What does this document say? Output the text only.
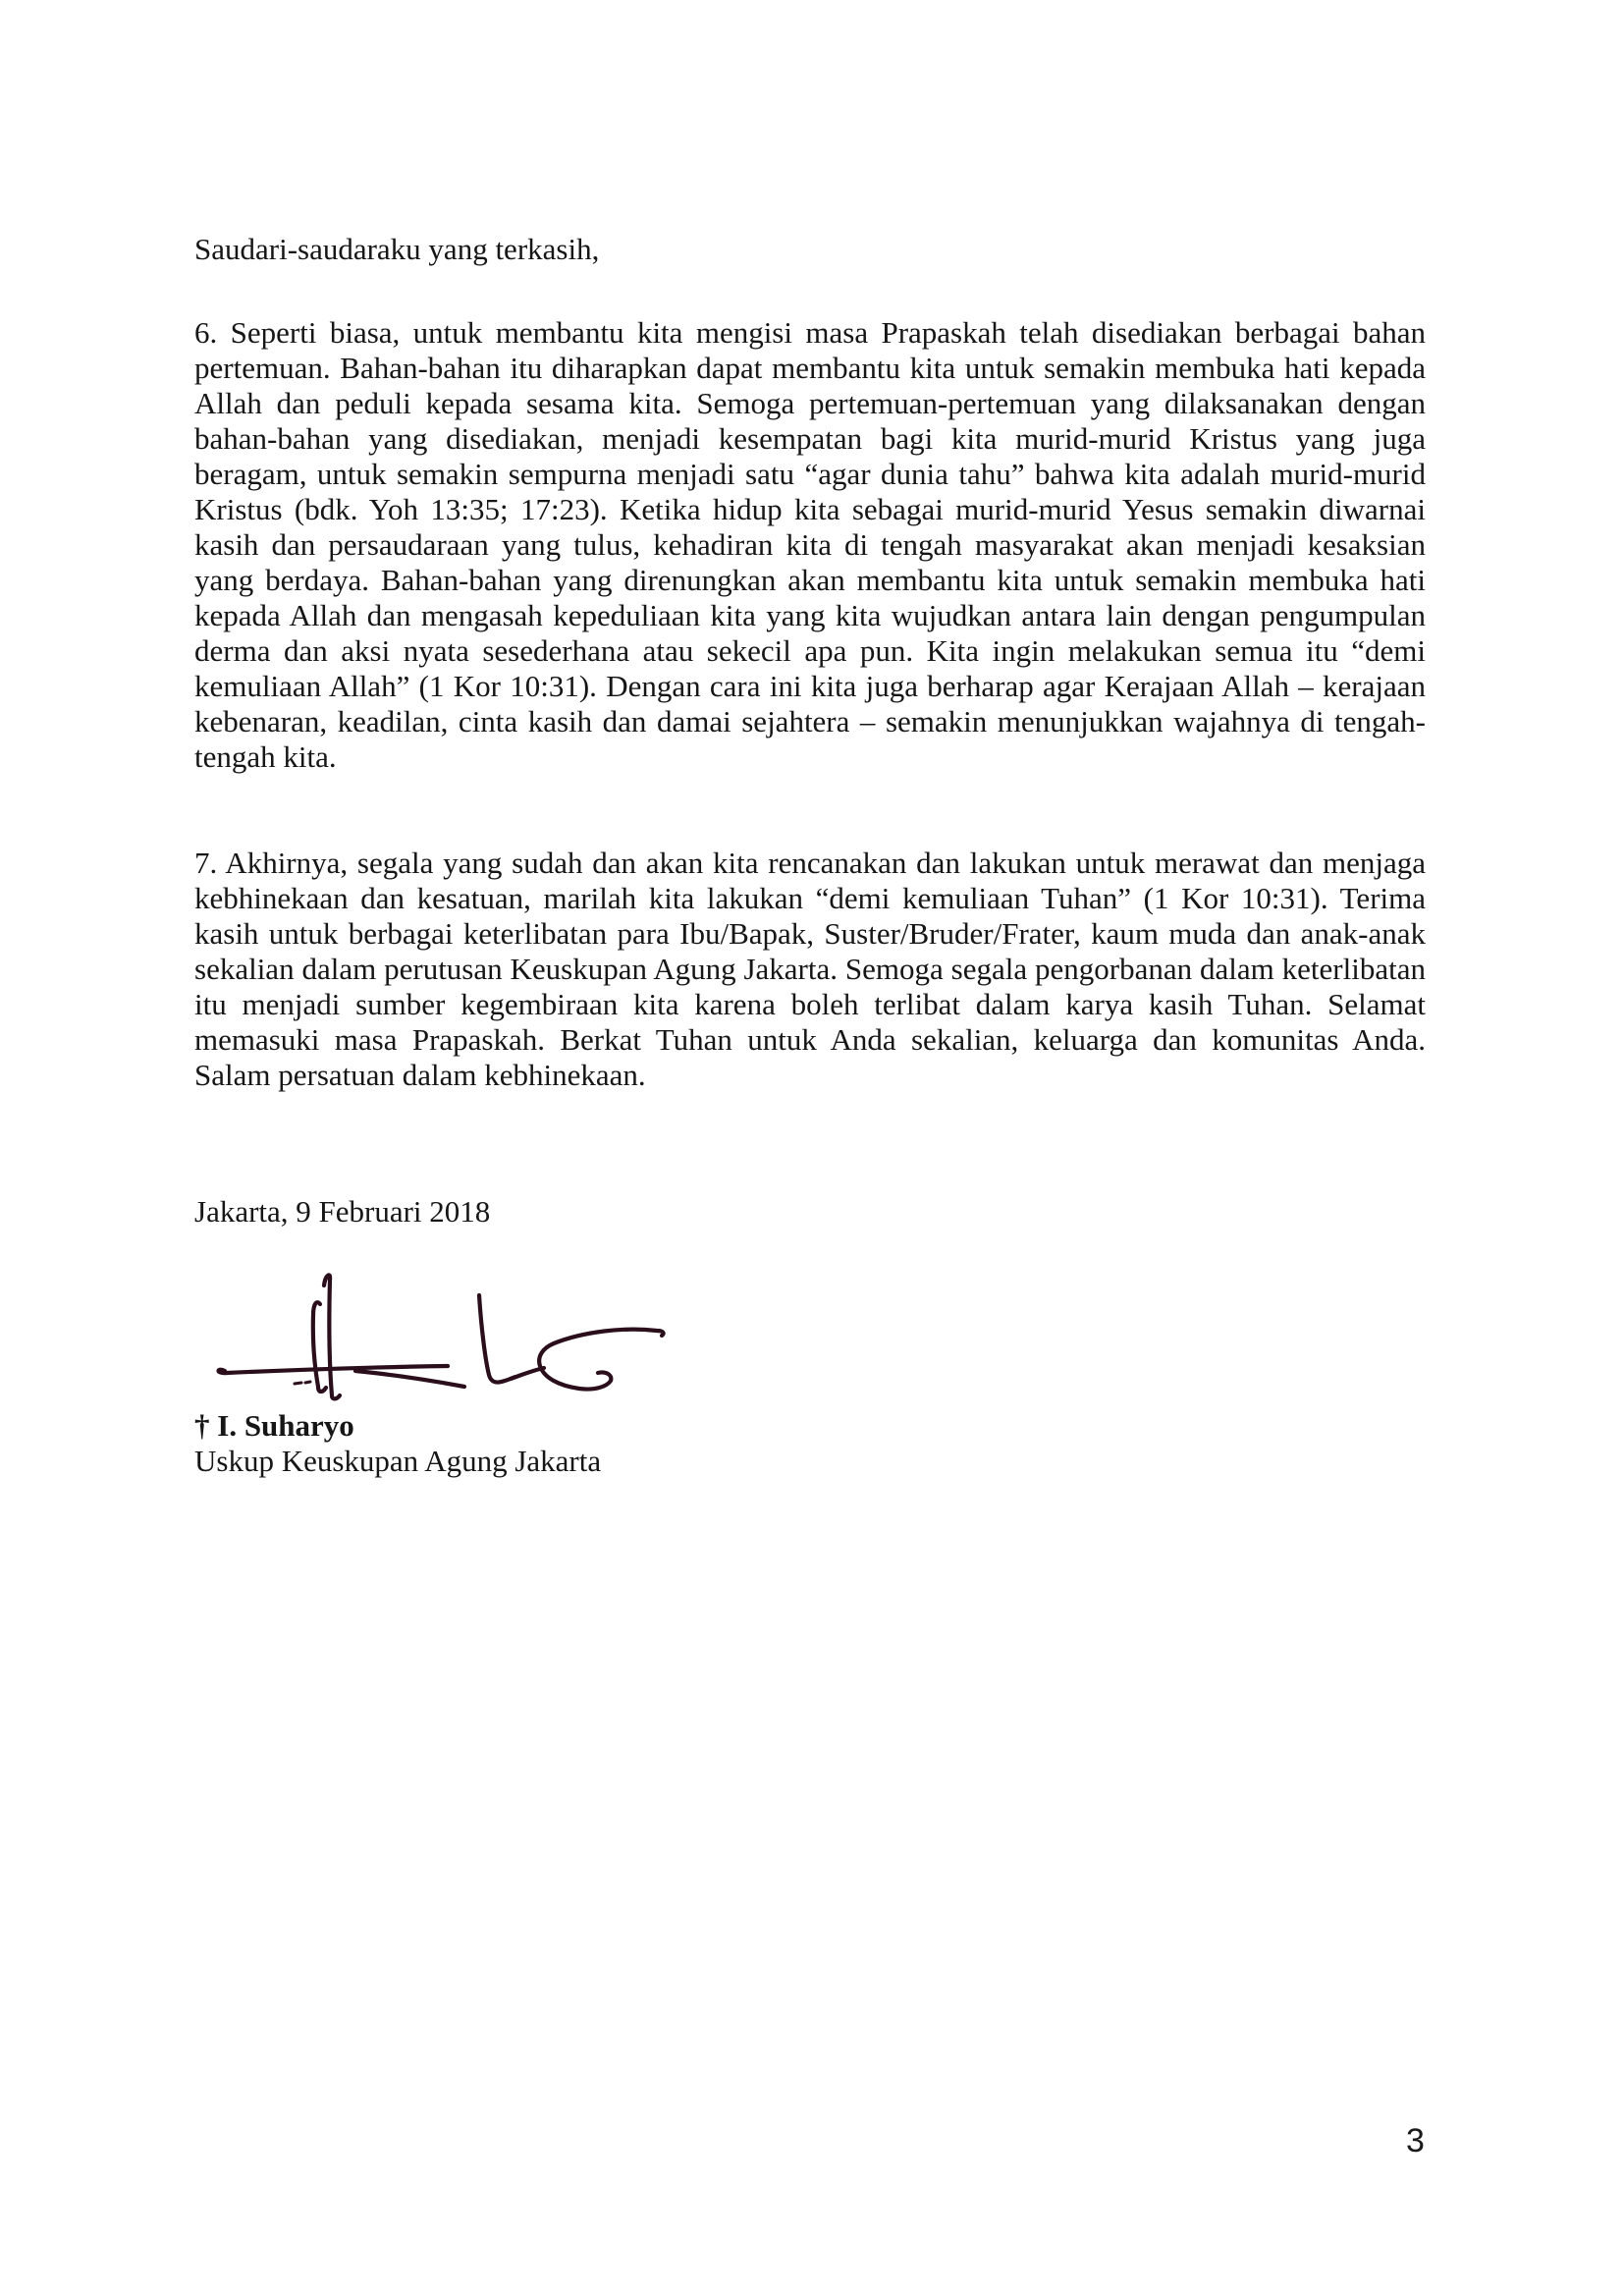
Saudari-saudaraku yang terkasih,

6. Seperti biasa, untuk membantu kita mengisi masa Prapaskah telah disediakan berbagai bahan pertemuan. Bahan-bahan itu diharapkan dapat membantu kita untuk semakin membuka hati kepada Allah dan peduli kepada sesama kita. Semoga pertemuan-pertemuan yang dilaksanakan dengan bahan-bahan yang disediakan, menjadi kesempatan bagi kita murid-murid Kristus yang juga beragam, untuk semakin sempurna menjadi satu “agar dunia tahu” bahwa kita adalah murid-murid Kristus (bdk. Yoh 13:35; 17:23). Ketika hidup kita sebagai murid-murid Yesus semakin diwarnai kasih dan persaudaraan yang tulus, kehadiran kita di tengah masyarakat akan menjadi kesaksian yang berdaya. Bahan-bahan yang direnungkan akan membantu kita untuk semakin membuka hati kepada Allah dan mengasah kepeduliaan kita yang kita wujudkan antara lain dengan pengumpulan derma dan aksi nyata sesederhana atau sekecil apa pun. Kita ingin melakukan semua itu “demi kemuliaan Allah” (1 Kor 10:31). Dengan cara ini kita juga berharap agar Kerajaan Allah – kerajaan kebenaran, keadilan, cinta kasih dan damai sejahtera – semakin menunjukkan wajahnya di tengah-tengah kita.

7. Akhirnya, segala yang sudah dan akan kita rencanakan dan lakukan untuk merawat dan menjaga kebhinekaan dan kesatuan, marilah kita lakukan “demi kemuliaan Tuhan” (1 Kor 10:31). Terima kasih untuk berbagai keterlibatan para Ibu/Bapak, Suster/Bruder/Frater, kaum muda dan anak-anak sekalian dalam perutusan Keuskupan Agung Jakarta. Semoga segala pengorbanan dalam keterlibatan itu menjadi sumber kegembiraan kita karena boleh terlibat dalam karya kasih Tuhan. Selamat memasuki masa Prapaskah. Berkat Tuhan untuk Anda sekalian, keluarga dan komunitas Anda. Salam persatuan dalam kebhinekaan.

Jakarta, 9 Februari 2018

† I. Suharyo

Uskup Keuskupan Agung Jakarta

3
